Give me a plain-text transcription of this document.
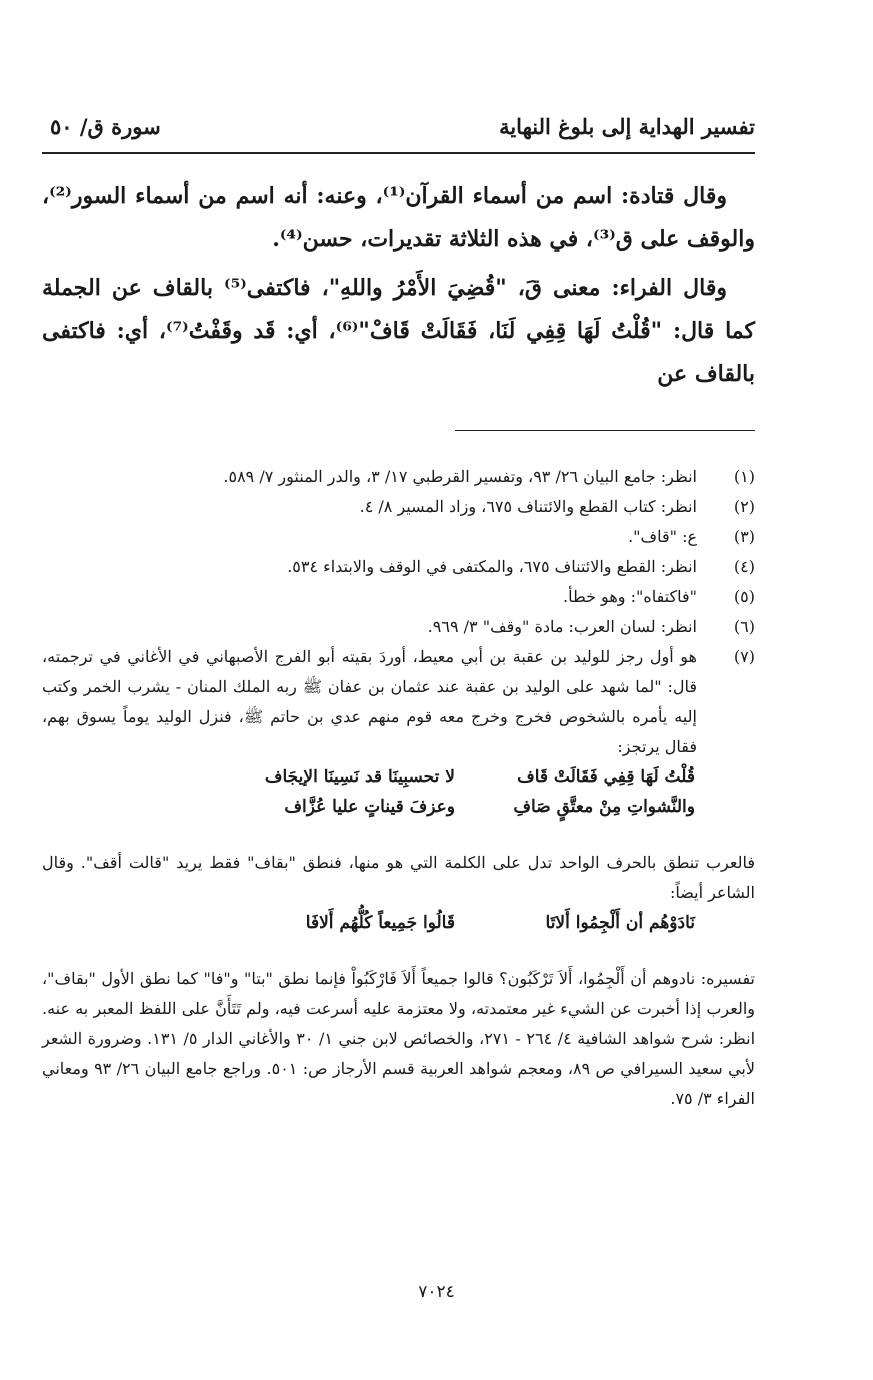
تفسير الهداية إلى بلوغ النهاية
سورة ق/ ٥٠

وقال قتادة: اسم من أسماء القرآن⁽¹⁾، وعنه: أنه اسم من أسماء السور⁽²⁾، والوقف على ق⁽³⁾، في هذه الثلاثة تقديرات، حسن⁽⁴⁾.

وقال الفراء: معنى قَ، "قُضِيَ الأَمْرُ واللهِ"، فاكتفى⁽⁵⁾ بالقاف عن الجملة كما قال: "قُلْتُ لَهَا قِفِي لَنَا، فَقَالَتْ قَافْ"⁽⁶⁾، أي: قَد وقَفْتُ⁽⁷⁾، أي: فاكتفى بالقاف عن

(١)
انظر: جامع البيان ٢٦/ ٩٣، وتفسير القرطبي ١٧/ ٣، والدر المنثور ٧/ ٥٨٩.
(٢)
انظر: كتاب القطع والائتناف ٦٧٥، وزاد المسير ٨/ ٤.
(٣)
ع: "قاف".
(٤)
انظر: القطع والائتناف ٦٧٥، والمكتفى في الوقف والابتداء ٥٣٤.
(٥)
"فاكتفاه": وهو خطأ.
(٦)
انظر: لسان العرب: مادة "وقف" ٣/ ٩٦٩.
(٧)
هو أول رجز للوليد بن عقبة بن أبي معيط، أوردَ بقيته أبو الفرج الأصبهاني في الأغاني في ترجمته، قال: "لما شهد على الوليد بن عقبة عند عثمان بن عفان ﷺ ربه الملك المنان - يشرب الخمر وكتب إليه يأمره بالشخوص فخرج وخرج معه قوم منهم عدي بن حاتم ﷺ، فنزل الوليد يوماً يسوق بهم، فقال يرتجز:
قُلْتُ لَهَا قِفِي فَقَالَتْ قَاف
لا تحسبِينَا قد نَسِينَا الإيجَاف
والنَّشواتِ مِنْ معتَّقٍ صَافِ
وعزفَ قيناتٍ عليا عُزَّاف
فالعرب تنطق بالحرف الواحد تدل على الكلمة التي هو منها، فنطق "بقاف" فقط يريد "قالت أقف". وقال الشاعر أيضاً:
نَادَوْهُم أن أَلْجِمُوا أَلاتَا
قَالُوا جَمِيعاً كُلُّهُم أَلافَا
تفسيره: نادوهم أن أَلْجِمُوا، أَلاَ تَرْكَبُون؟ قالوا جميعاً أَلاَ فَارْكَبُواْ فإنما نطق "بتا" و"فا" كما نطق الأول "بقاف"، والعرب إذا أخبرت عن الشيء غير معتمدته، ولا معتزمة عليه أسرعت فيه، ولم تَتَأَنَّ على اللفظ المعبر به عنه. انظر: شرح شواهد الشافية ٤/ ٢٦٤ - ٢٧١، والخصائص لابن جني ١/ ٣٠ والأغاني الدار ٥/ ١٣١. وضرورة الشعر لأبي سعيد السيرافي ص ٨٩، ومعجم شواهد العربية قسم الأرجاز ص: ٥٠١. وراجع جامع البيان ٢٦/ ٩٣ ومعاني الفراء ٣/ ٧٥.
٧٠٢٤
